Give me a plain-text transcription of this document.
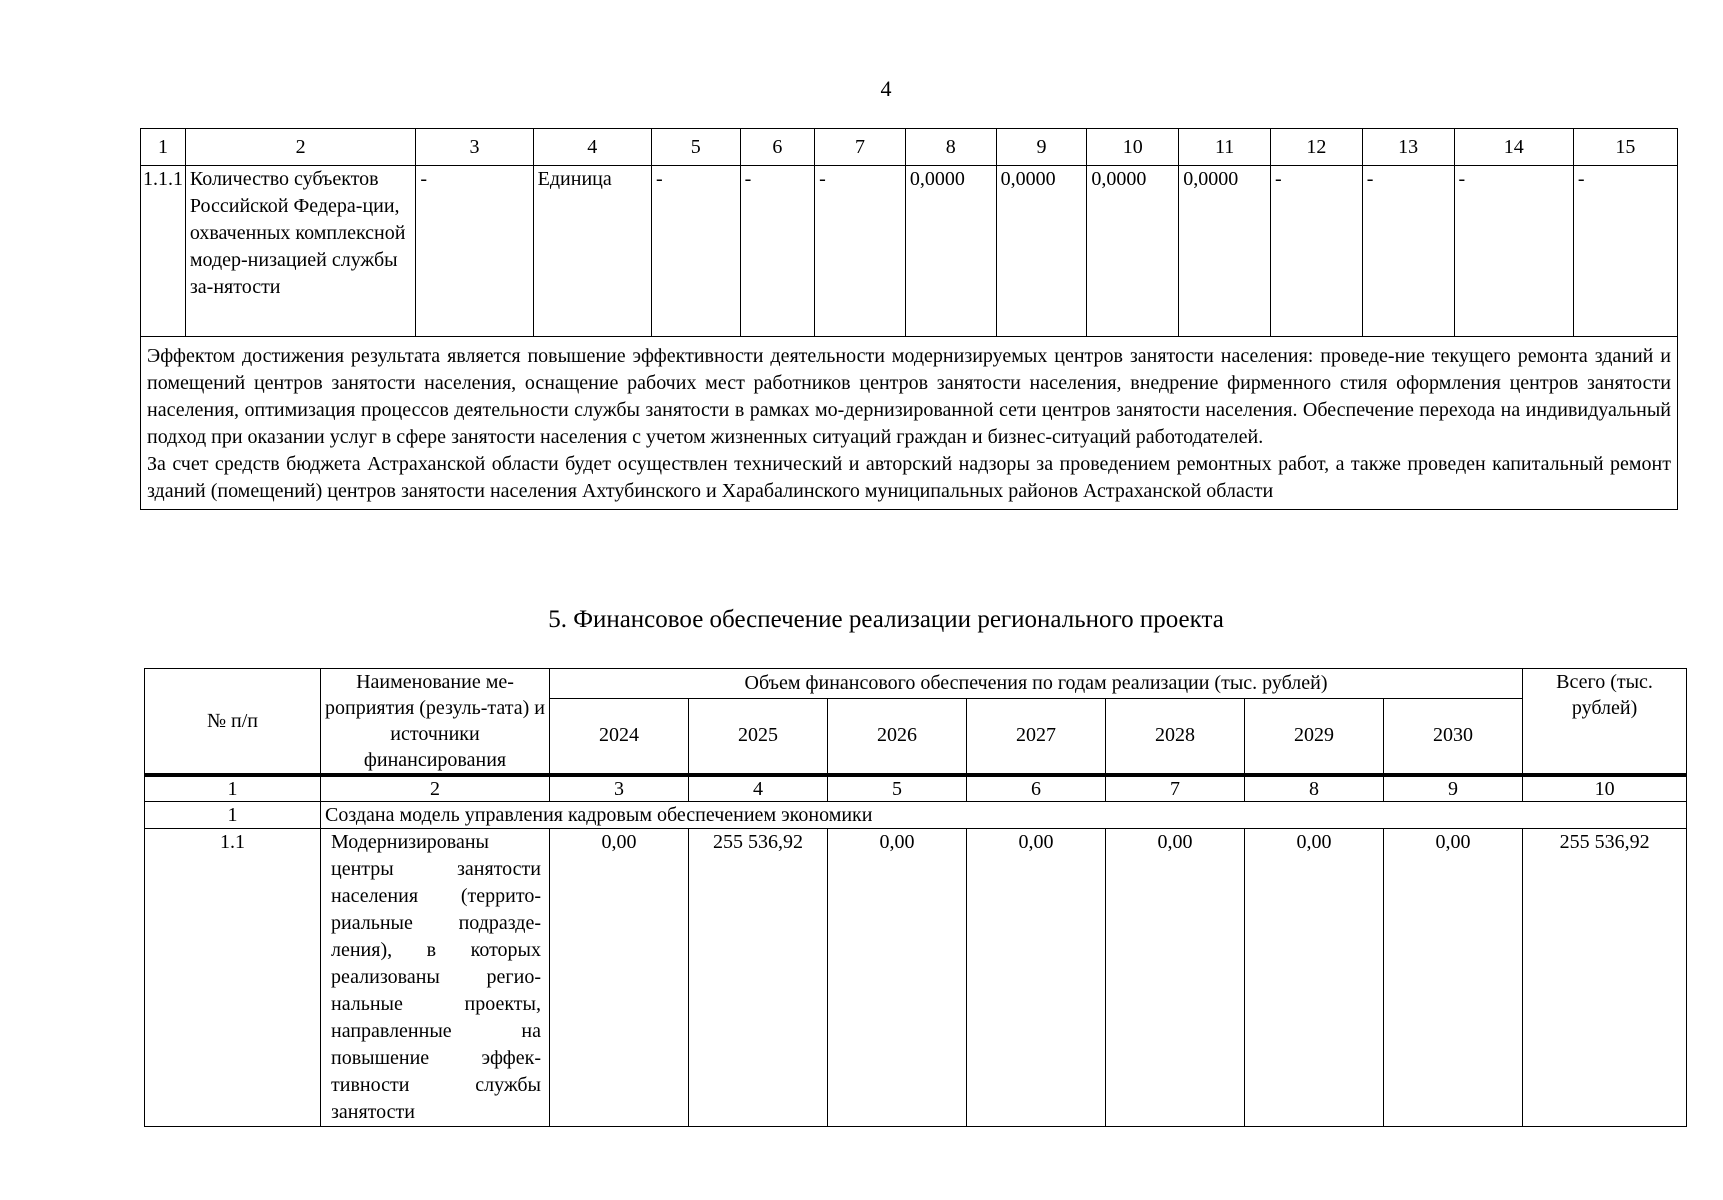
4
1	2	3	4	5	6	7	8	9	10	11	12	13	14	15
1.1.1	Количество субъектов Российской Федера-ции, охваченных комплексной модер-низацией службы за-нятости	-	Единица	-	-	-	0,0000	0,0000	0,0000	0,0000	-	-	-	-

Эффектом достижения результата является повышение эффективности деятельности модернизируемых центров занятости населения: проведе-ние текущего ремонта зданий и помещений центров занятости населения, оснащение рабочих мест работников центров занятости населения, внедрение фирменного стиля оформления центров занятости населения, оптимизация процессов деятельности службы занятости в рамках мо-дернизированной сети центров занятости населения. Обеспечение перехода на индивидуальный подход при оказании услуг в сфере занятости населения с учетом жизненных ситуаций граждан и бизнес-ситуаций работодателей.

За счет средств бюджета Астраханской области будет осуществлен технический и авторский надзоры за проведением ремонтных работ, а также проведен капитальный ремонт зданий (помещений) центров занятости населения Ахтубинского и Харабалинского муниципальных районов Астраханской области														

5. Финансовое обеспечение реализации регионального проекта
№ п/п	Наименование ме-роприятия (резуль-тата) и источники финансирования	Объем финансового обеспечения по годам реализации (тыс. рублей)							Всего (тыс. рублей)
		2024	2025	2026	2027	2028	2029	2030	
1	2	3	4	5	6	7	8	9	10
1	Создана модель управления кадровым обеспечением экономики								
1.1	Модернизированы центры занятости населения (террито-риальные подразде-ления), в которых реализованы регио-нальные проекты, направленные на повышение эффек-тивности службы занятости	0,00	255 536,92	0,00	0,00	0,00	0,00	0,00	255 536,92
